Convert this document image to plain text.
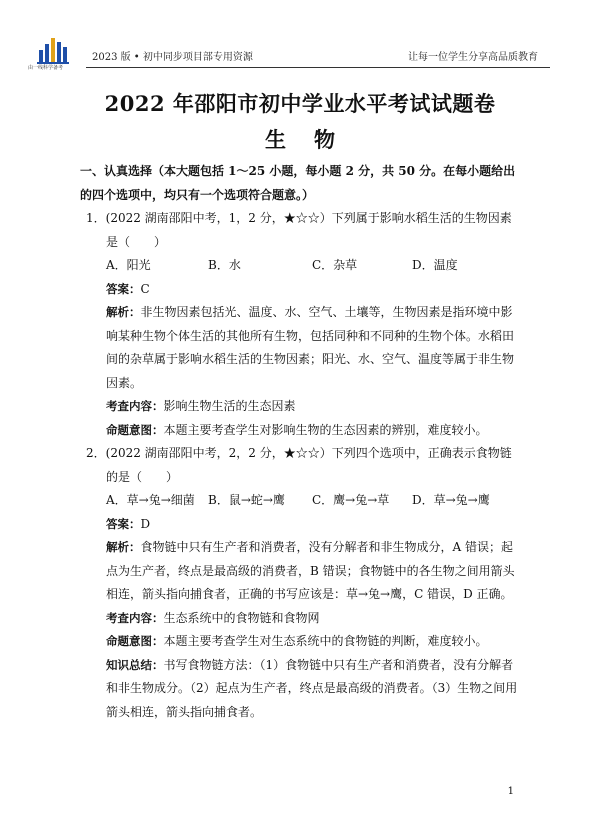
由一线科学备考
2023 版 • 初中同步项目部专用资源	让每一位学生分享高品质教育
2022 年邵阳市初中学业水平考试试题卷
生物
一、认真选择（本大题包括 1～25 小题，每小题 2 分，共 50 分。在每小题给出的四个选项中，均只有一个选项符合题意。）
1．(2022 湖南邵阳中考，1，2 分，★☆☆）下列属于影响水稻生活的生物因素是（　　）
A．阳光	B．水	C．杂草	D．温度
答案：C
解析：非生物因素包括光、温度、水、空气、土壤等，生物因素是指环境中影响某种生物个体生活的其他所有生物，包括同种和不同种的生物个体。水稻田间的杂草属于影响水稻生活的生物因素；阳光、水、空气、温度等属于非生物因素。
考查内容：影响生物生活的生态因素
命题意图：本题主要考查学生对影响生物的生态因素的辨别，难度较小。
2．(2022 湖南邵阳中考，2，2 分，★☆☆）下列四个选项中，正确表示食物链的是（　　）
A．草→兔→细菌	B．鼠→蛇→鹰	C．鹰→兔→草	D．草→兔→鹰
答案：D
解析：食物链中只有生产者和消费者，没有分解者和非生物成分，A 错误；起点为生产者，终点是最高级的消费者，B 错误；食物链中的各生物之间用箭头相连，箭头指向捕食者，正确的书写应该是：草→兔→鹰，C 错误，D 正确。
考查内容：生态系统中的食物链和食物网
命题意图：本题主要考查学生对生态系统中的食物链的判断，难度较小。
知识总结：书写食物链方法：（1）食物链中只有生产者和消费者，没有分解者和非生物成分。（2）起点为生产者，终点是最高级的消费者。（3）生物之间用箭头相连，箭头指向捕食者。
1
